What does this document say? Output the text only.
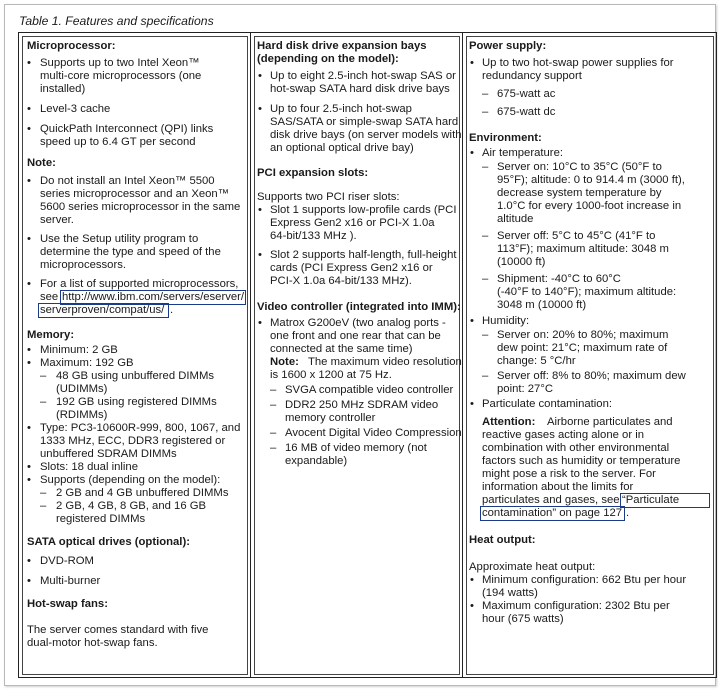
Table 1. Features and specifications
Microprocessor:
• Supports up to two Intel Xeon™
multi-core microprocessors (one
installed)
• Level-3 cache
• QuickPath Interconnect (QPI) links
speed up to 6.4 GT per second
Note:
• Do not install an Intel Xeon™ 5500
series microprocessor and an Xeon™
5600 series microprocessor in the same
server.
• Use the Setup utility program to
determine the type and speed of the
microprocessors.
• For a list of supported microprocessors,
see http://www.ibm.com/servers/eserver/
serverproven/compat/us/ .
Memory:
• Minimum: 2 GB
• Maximum: 192 GB
– 48 GB using unbuffered DIMMs
(UDIMMs)
– 192 GB using registered DIMMs
(RDIMMs)
• Type: PC3-10600R-999, 800, 1067, and
1333 MHz, ECC, DDR3 registered or
unbuffered SDRAM DIMMs
• Slots: 18 dual inline
• Supports (depending on the model):
– 2 GB and 4 GB unbuffered DIMMs
– 2 GB, 4 GB, 8 GB, and 16 GB
registered DIMMs
SATA optical drives (optional):
• DVD-ROM
• Multi-burner
Hot-swap fans:
The server comes standard with five
dual-motor hot-swap fans.
Hard disk drive expansion bays
(depending on the model):
• Up to eight 2.5-inch hot-swap SAS or
hot-swap SATA hard disk drive bays
• Up to four 2.5-inch hot-swap
SAS/SATA or simple-swap SATA hard
disk drive bays (on server models with
an optional optical drive bay)
PCI expansion slots:
Supports two PCI riser slots:
• Slot 1 supports low-profile cards (PCI
Express Gen2 x16 or PCI-X 1.0a
64-bit/133 MHz ).
• Slot 2 supports half-length, full-height
cards (PCI Express Gen2 x16 or
PCI-X 1.0a 64-bit/133 MHz).
Video controller (integrated into IMM):
• Matrox G200eV (two analog ports -
one front and one rear that can be
connected at the same time)
Note: The maximum video resolution
is 1600 x 1200 at 75 Hz.
– SVGA compatible video controller
– DDR2 250 MHz SDRAM video
memory controller
– Avocent Digital Video Compression
– 16 MB of video memory (not
expandable)
Power supply:
• Up to two hot-swap power supplies for
redundancy support
– 675-watt ac
– 675-watt dc
Environment:
• Air temperature:
– Server on: 10°C to 35°C (50°F to
95°F); altitude: 0 to 914.4 m (3000 ft),
decrease system temperature by
1.0°C for every 1000-foot increase in
altitude
– Server off: 5°C to 45°C (41°F to
113°F); maximum altitude: 3048 m
(10000 ft)
– Shipment: -40°C to 60°C
(-40°F to 140°F); maximum altitude:
3048 m (10000 ft)
• Humidity:
– Server on: 20% to 80%; maximum
dew point: 21°C; maximum rate of
change: 5 °C/hr
– Server off: 8% to 80%; maximum dew
point: 27°C
• Particulate contamination:
Attention: Airborne particulates and
reactive gases acting alone or in
combination with other environmental
factors such as humidity or temperature
might pose a risk to the server. For
information about the limits for
particulates and gases, see “Particulate
contamination” on page 127 .
Heat output:
Approximate heat output:
• Minimum configuration: 662 Btu per hour
(194 watts)
• Maximum configuration: 2302 Btu per
hour (675 watts)
